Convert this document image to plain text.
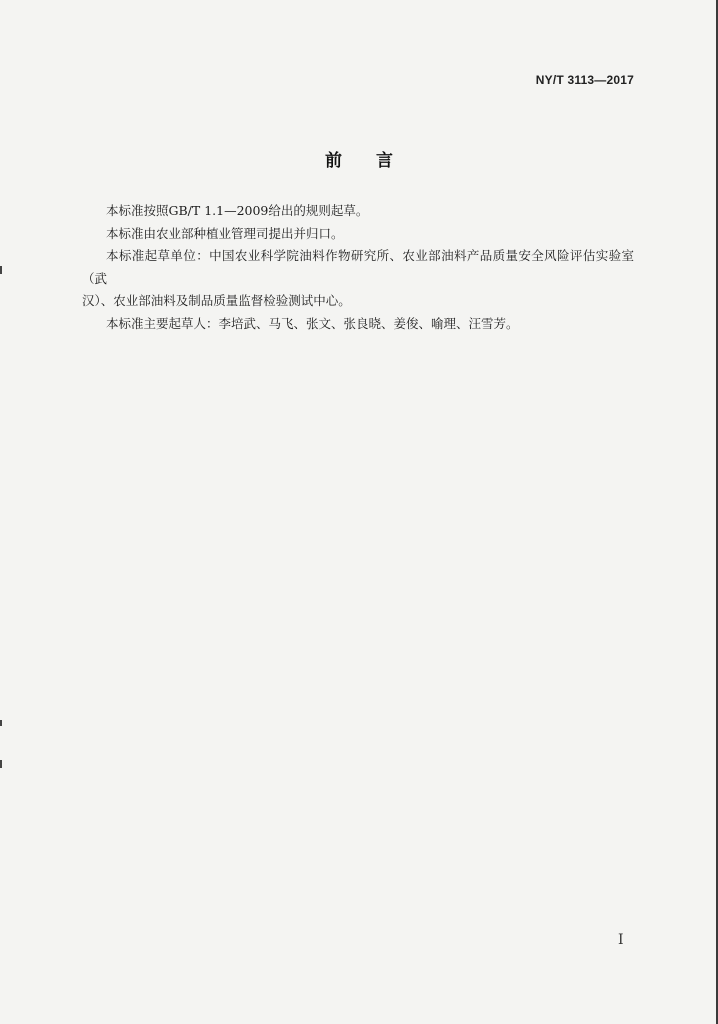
NY/T 3113—2017
前言

本标准按照GB/T 1.1—2009给出的规则起草。

本标准由农业部种植业管理司提出并归口。

本标准起草单位：中国农业科学院油料作物研究所、农业部油料产品质量安全风险评估实验室（武

汉）、农业部油料及制品质量监督检验测试中心。

本标准主要起草人：李培武、马飞、张文、张良晓、姜俊、喻理、汪雪芳。

I
